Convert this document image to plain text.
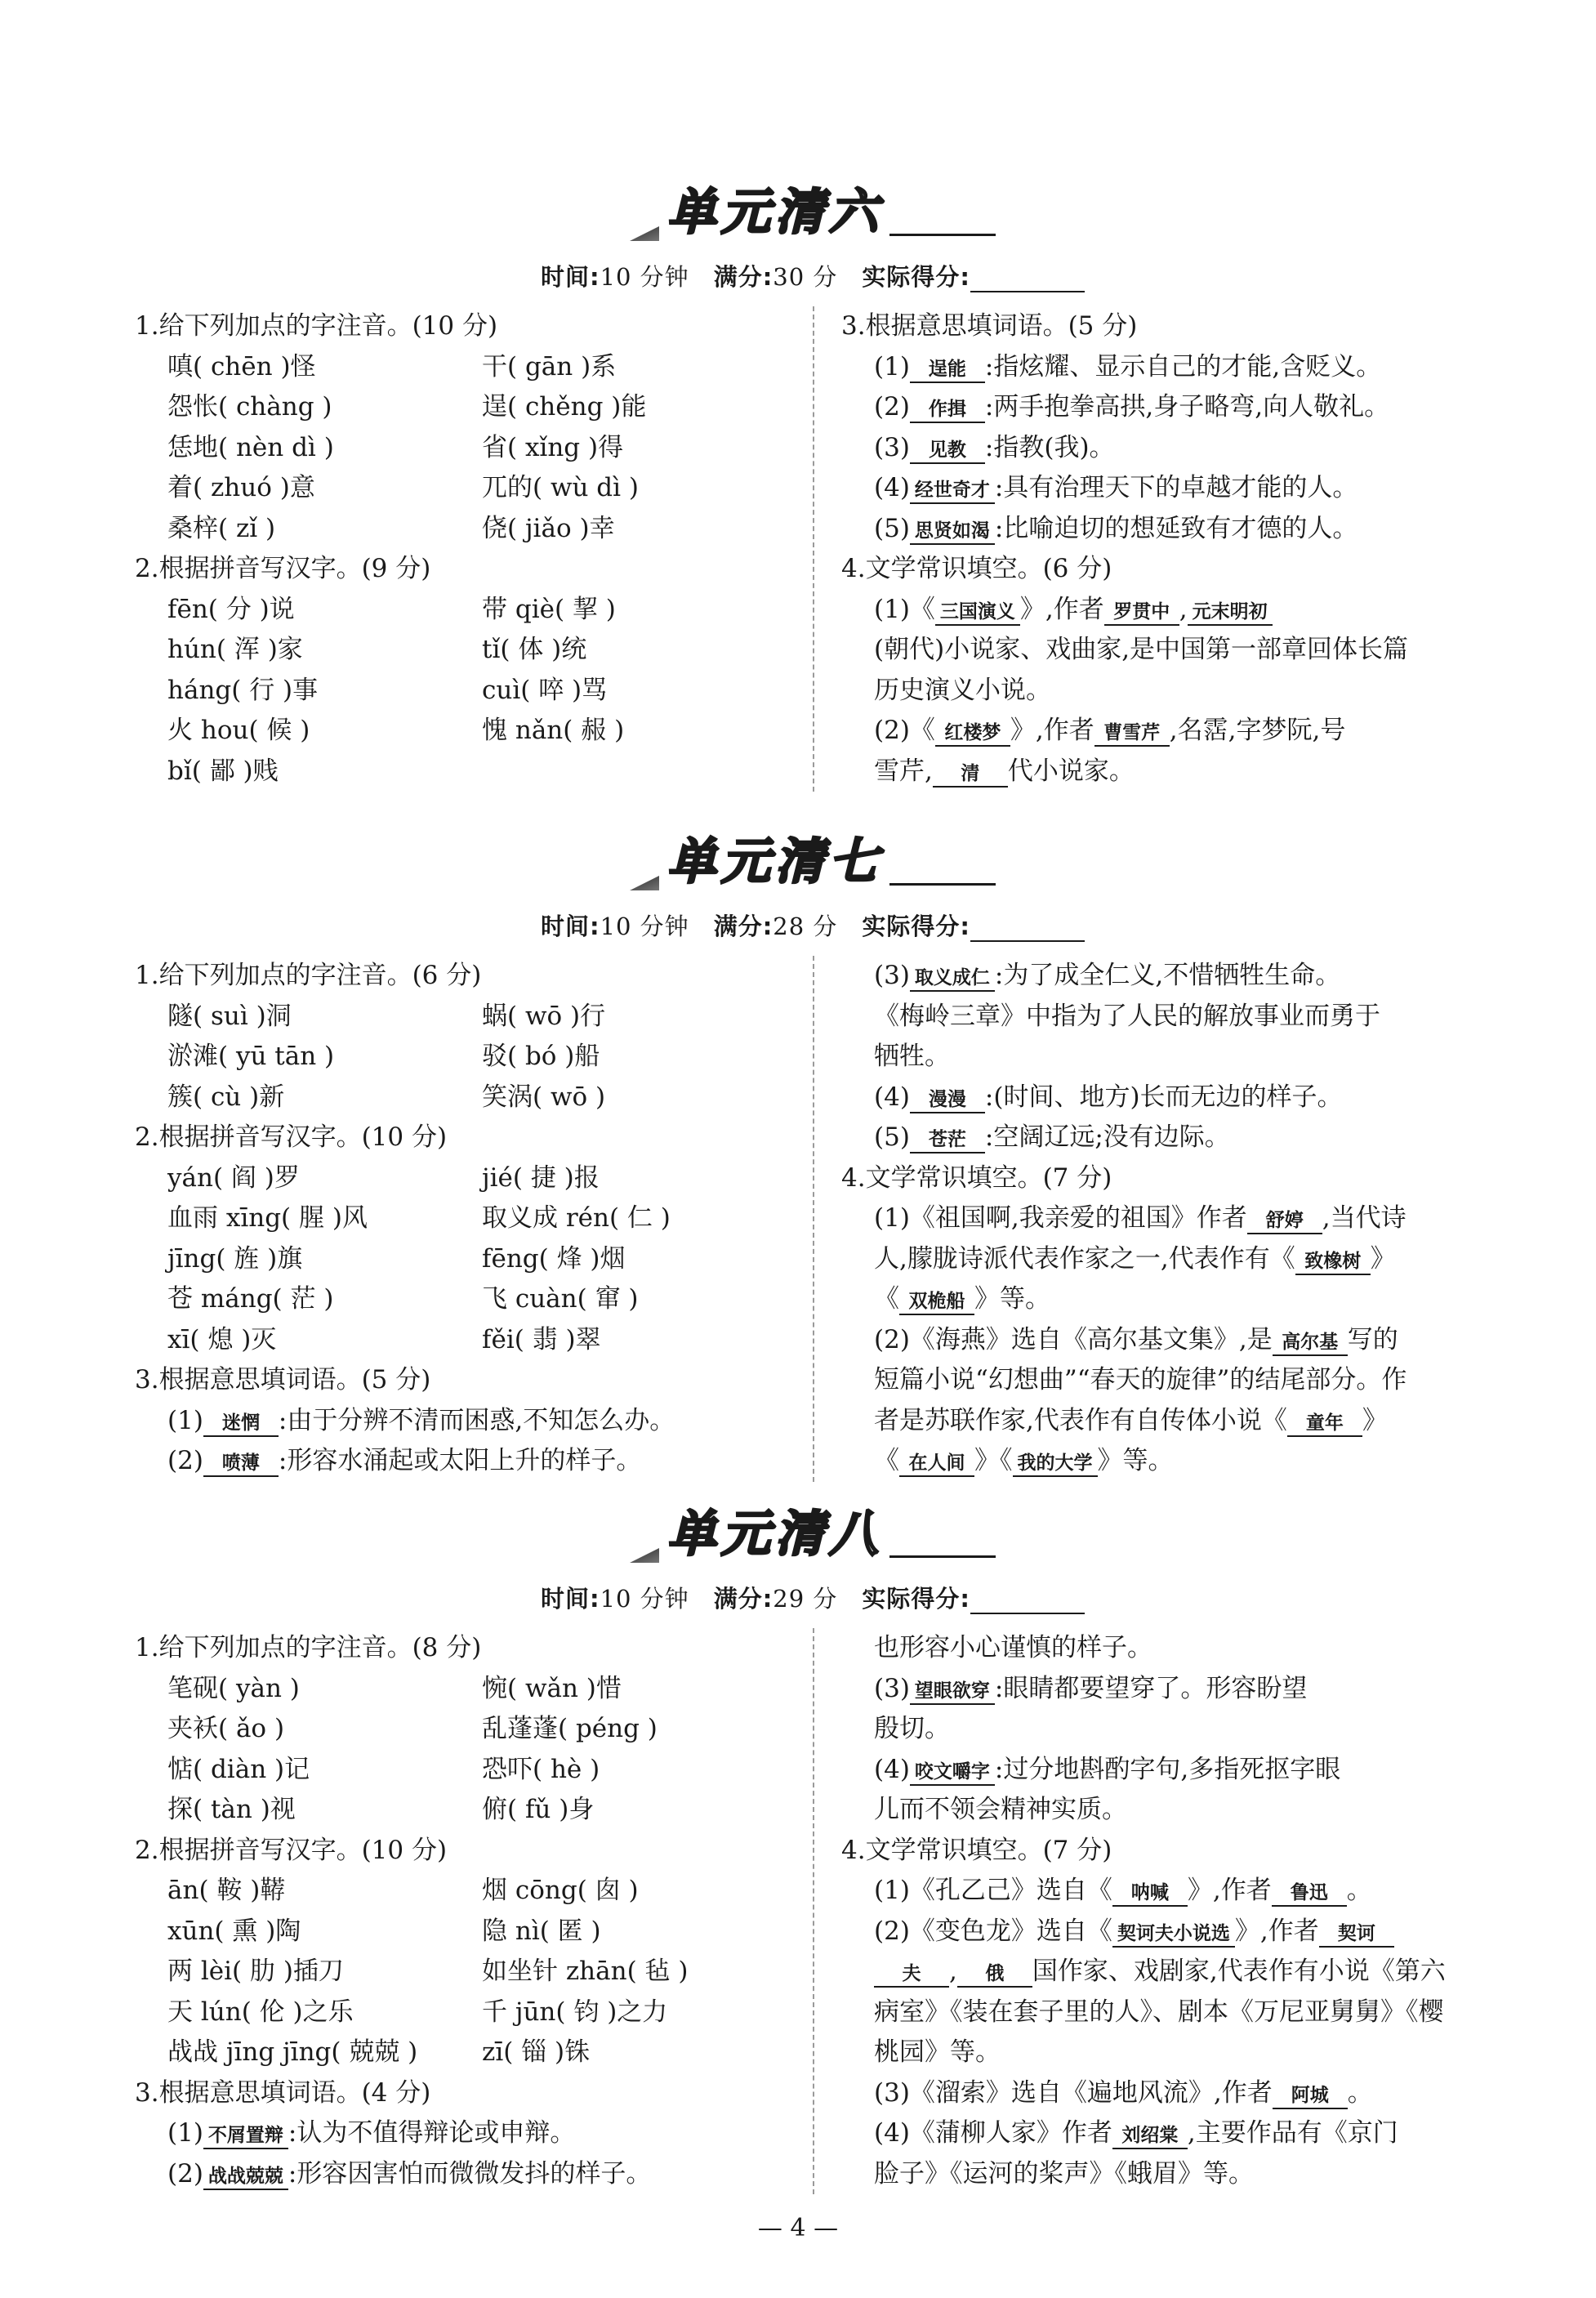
单元清六
时间:10 分钟  满分:30 分  实际得分:
1.给下列加点的字注音。(10 分)
嗔( chēn )怪	干( gān )系
怨怅( chàng )	逞( chěng )能
恁地( nèn dì )	省( xǐng )得
着( zhuó )意	兀的( wù dì )
桑梓( zǐ )	侥( jiǎo )幸
2.根据拼音写汉字。(9 分)
fēn( 分 )说	带 qiè( 挈 )
hún( 浑 )家	tǐ( 体 )统
háng( 行 )事	cuì( 啐 )骂
火 hou( 候 )	愧 nǎn( 赧 )
bǐ( 鄙 )贱
3.根据意思填词语。(5 分)
(1) 逞能 :指炫耀、显示自己的才能,含贬义。
(2) 作揖 :两手抱拳高拱,身子略弯,向人敬礼。
(3) 见教 :指教(我)。
(4) 经世奇才 :具有治理天下的卓越才能的人。
(5) 思贤如渴 :比喻迫切的想延致有才德的人。
4.文学常识填空。(6 分)
(1)《 三国演义 》,作者 罗贯中 , 元末明初
(朝代)小说家、戏曲家,是中国第一部章回体长篇
历史演义小说。
(2)《 红楼梦 》,作者 曹雪芹 ,名霑,字梦阮,号
雪芹, 清 代小说家。
单元清七
时间:10 分钟  满分:28 分  实际得分:
1.给下列加点的字注音。(6 分)
隧( suì )洞	蜗( wō )行
淤滩( yū tān )	驳( bó )船
簇( cù )新	笑涡( wō )
2.根据拼音写汉字。(10 分)
yán( 阎 )罗	jié( 捷 )报
血雨 xīng( 腥 )风	取义成 rén( 仁 )
jīng( 旌 )旗	fēng( 烽 )烟
苍 máng( 茫 )	飞 cuàn( 窜 )
xī( 熄 )灭	fěi( 翡 )翠
3.根据意思填词语。(5 分)
(1) 迷惘 :由于分辨不清而困惑,不知怎么办。
(2) 喷薄 :形容水涌起或太阳上升的样子。
(3) 取义成仁 :为了成全仁义,不惜牺牲生命。
《梅岭三章》中指为了人民的解放事业而勇于
牺牲。
(4) 漫漫 :(时间、地方)长而无边的样子。
(5) 苍茫 :空阔辽远;没有边际。
4.文学常识填空。(7 分)
(1)《祖国啊,我亲爱的祖国》作者 舒婷 ,当代诗
人,朦胧诗派代表作家之一,代表作有《 致橡树 》
《 双桅船 》等。
(2)《海燕》选自《高尔基文集》,是 高尔基 写的
短篇小说“幻想曲”“春天的旋律”的结尾部分。作
者是苏联作家,代表作有自传体小说《 童年 》
《 在人间 》《 我的大学 》等。
单元清八
时间:10 分钟  满分:29 分  实际得分:
1.给下列加点的字注音。(8 分)
笔砚( yàn )	惋( wǎn )惜
夹袄( ǎo )	乱蓬蓬( péng )
惦( diàn )记	恐吓( hè )
探( tàn )视	俯( fǔ )身
2.根据拼音写汉字。(10 分)
ān( 鞍 )鞯	烟 cōng( 囱 )
xūn( 熏 )陶	隐 nì( 匿 )
两 lèi( 肋 )插刀	如坐针 zhān( 毡 )
天 lún( 伦 )之乐	千 jūn( 钧 )之力
战战 jīng jīng( 兢兢 )	zī( 锱 )铢
3.根据意思填词语。(4 分)
(1) 不屑置辩 :认为不值得辩论或申辩。
(2) 战战兢兢 :形容因害怕而微微发抖的样子。
也形容小心谨慎的样子。
(3) 望眼欲穿 :眼睛都要望穿了。形容盼望
殷切。
(4) 咬文嚼字 :过分地斟酌字句,多指死抠字眼
儿而不领会精神实质。
4.文学常识填空。(7 分)
(1)《孔乙己》选自《 呐喊 》,作者 鲁迅 。
(2)《变色龙》选自《 契诃夫小说选 》,作者 契诃
夫 , 俄 国作家、戏剧家,代表作有小说《第六
病室》《装在套子里的人》、剧本《万尼亚舅舅》《樱
桃园》等。
(3)《溜索》选自《遍地风流》,作者 阿城 。
(4)《蒲柳人家》作者 刘绍棠 ,主要作品有《京门
脸子》《运河的桨声》《蛾眉》等。
— 4 —
